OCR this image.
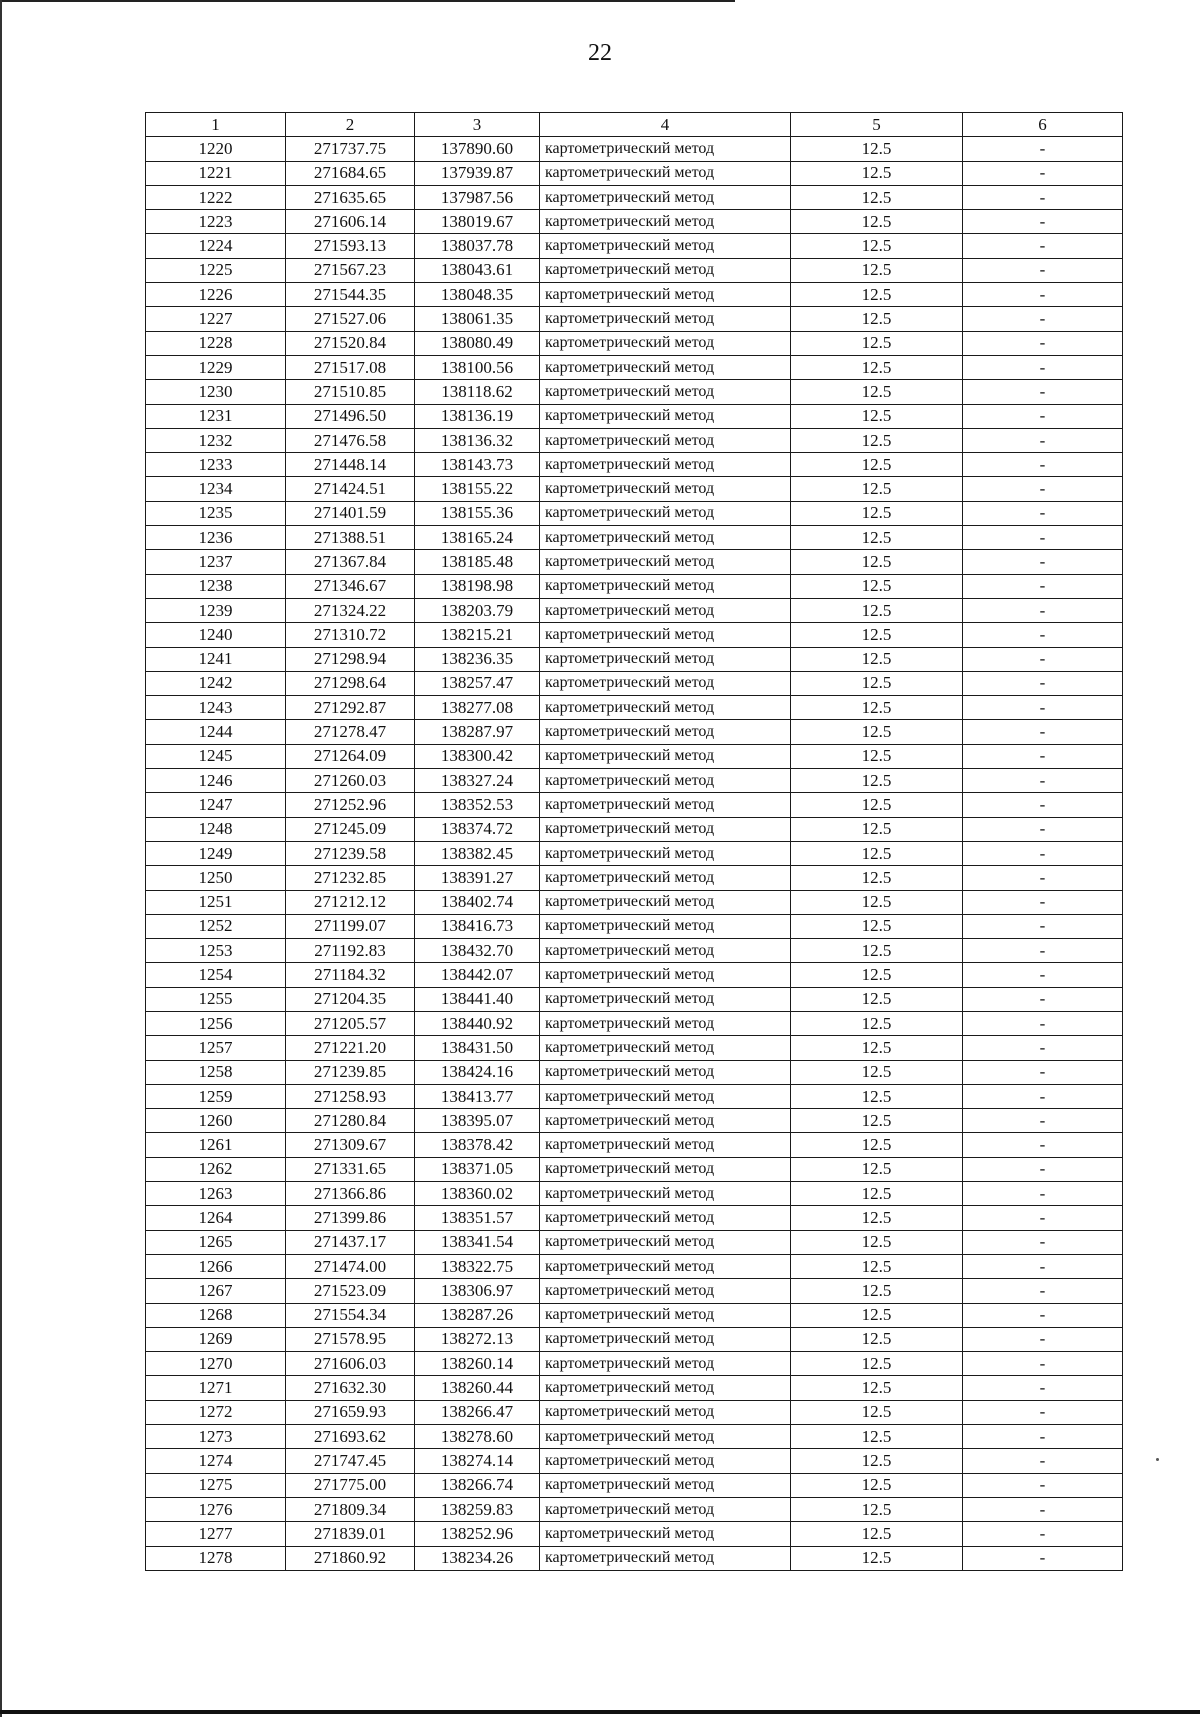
22
1	2	3	4	5	6
1220	271737.75	137890.60	картометрический метод	12.5	-
1221	271684.65	137939.87	картометрический метод	12.5	-
1222	271635.65	137987.56	картометрический метод	12.5	-
1223	271606.14	138019.67	картометрический метод	12.5	-
1224	271593.13	138037.78	картометрический метод	12.5	-
1225	271567.23	138043.61	картометрический метод	12.5	-
1226	271544.35	138048.35	картометрический метод	12.5	-
1227	271527.06	138061.35	картометрический метод	12.5	-
1228	271520.84	138080.49	картометрический метод	12.5	-
1229	271517.08	138100.56	картометрический метод	12.5	-
1230	271510.85	138118.62	картометрический метод	12.5	-
1231	271496.50	138136.19	картометрический метод	12.5	-
1232	271476.58	138136.32	картометрический метод	12.5	-
1233	271448.14	138143.73	картометрический метод	12.5	-
1234	271424.51	138155.22	картометрический метод	12.5	-
1235	271401.59	138155.36	картометрический метод	12.5	-
1236	271388.51	138165.24	картометрический метод	12.5	-
1237	271367.84	138185.48	картометрический метод	12.5	-
1238	271346.67	138198.98	картометрический метод	12.5	-
1239	271324.22	138203.79	картометрический метод	12.5	-
1240	271310.72	138215.21	картометрический метод	12.5	-
1241	271298.94	138236.35	картометрический метод	12.5	-
1242	271298.64	138257.47	картометрический метод	12.5	-
1243	271292.87	138277.08	картометрический метод	12.5	-
1244	271278.47	138287.97	картометрический метод	12.5	-
1245	271264.09	138300.42	картометрический метод	12.5	-
1246	271260.03	138327.24	картометрический метод	12.5	-
1247	271252.96	138352.53	картометрический метод	12.5	-
1248	271245.09	138374.72	картометрический метод	12.5	-
1249	271239.58	138382.45	картометрический метод	12.5	-
1250	271232.85	138391.27	картометрический метод	12.5	-
1251	271212.12	138402.74	картометрический метод	12.5	-
1252	271199.07	138416.73	картометрический метод	12.5	-
1253	271192.83	138432.70	картометрический метод	12.5	-
1254	271184.32	138442.07	картометрический метод	12.5	-
1255	271204.35	138441.40	картометрический метод	12.5	-
1256	271205.57	138440.92	картометрический метод	12.5	-
1257	271221.20	138431.50	картометрический метод	12.5	-
1258	271239.85	138424.16	картометрический метод	12.5	-
1259	271258.93	138413.77	картометрический метод	12.5	-
1260	271280.84	138395.07	картометрический метод	12.5	-
1261	271309.67	138378.42	картометрический метод	12.5	-
1262	271331.65	138371.05	картометрический метод	12.5	-
1263	271366.86	138360.02	картометрический метод	12.5	-
1264	271399.86	138351.57	картометрический метод	12.5	-
1265	271437.17	138341.54	картометрический метод	12.5	-
1266	271474.00	138322.75	картометрический метод	12.5	-
1267	271523.09	138306.97	картометрический метод	12.5	-
1268	271554.34	138287.26	картометрический метод	12.5	-
1269	271578.95	138272.13	картометрический метод	12.5	-
1270	271606.03	138260.14	картометрический метод	12.5	-
1271	271632.30	138260.44	картометрический метод	12.5	-
1272	271659.93	138266.47	картометрический метод	12.5	-
1273	271693.62	138278.60	картометрический метод	12.5	-
1274	271747.45	138274.14	картометрический метод	12.5	-
1275	271775.00	138266.74	картометрический метод	12.5	-
1276	271809.34	138259.83	картометрический метод	12.5	-
1277	271839.01	138252.96	картометрический метод	12.5	-
1278	271860.92	138234.26	картометрический метод	12.5	-
